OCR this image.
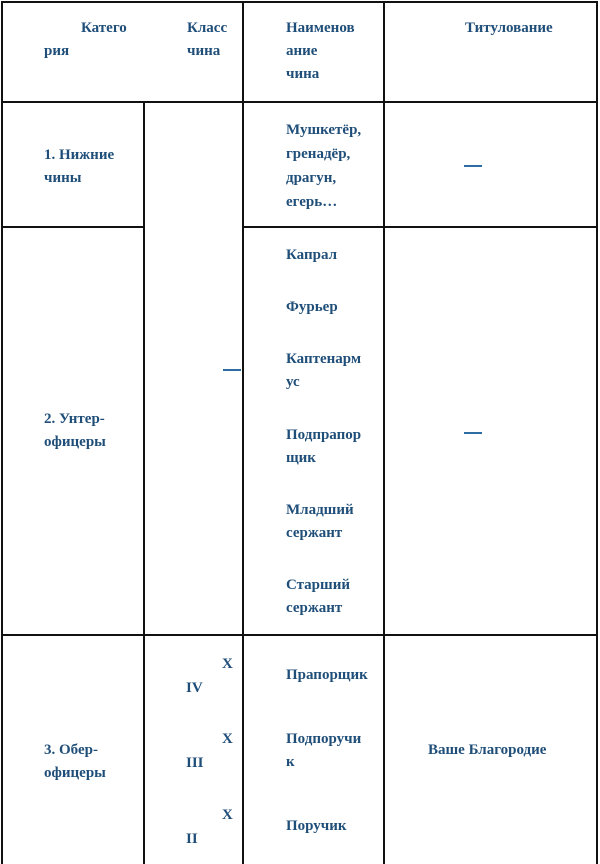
Катего
рия
Класс
чина
Наименов
ание
чина
Титулование
1. Нижние
чины
Мушкетёр,
гренадёр,
драгун,
егерь…
2. Унтер-
офицеры
Капрал
Фурьер
Каптенарм
ус
Подпрапор
щик
Младший
сержант
Старший
сержант
3. Обер-
офицеры
X
IV
X
III
X
II
Прапорщик
Подпоручи
к
Поручик
Ваше Благородие
